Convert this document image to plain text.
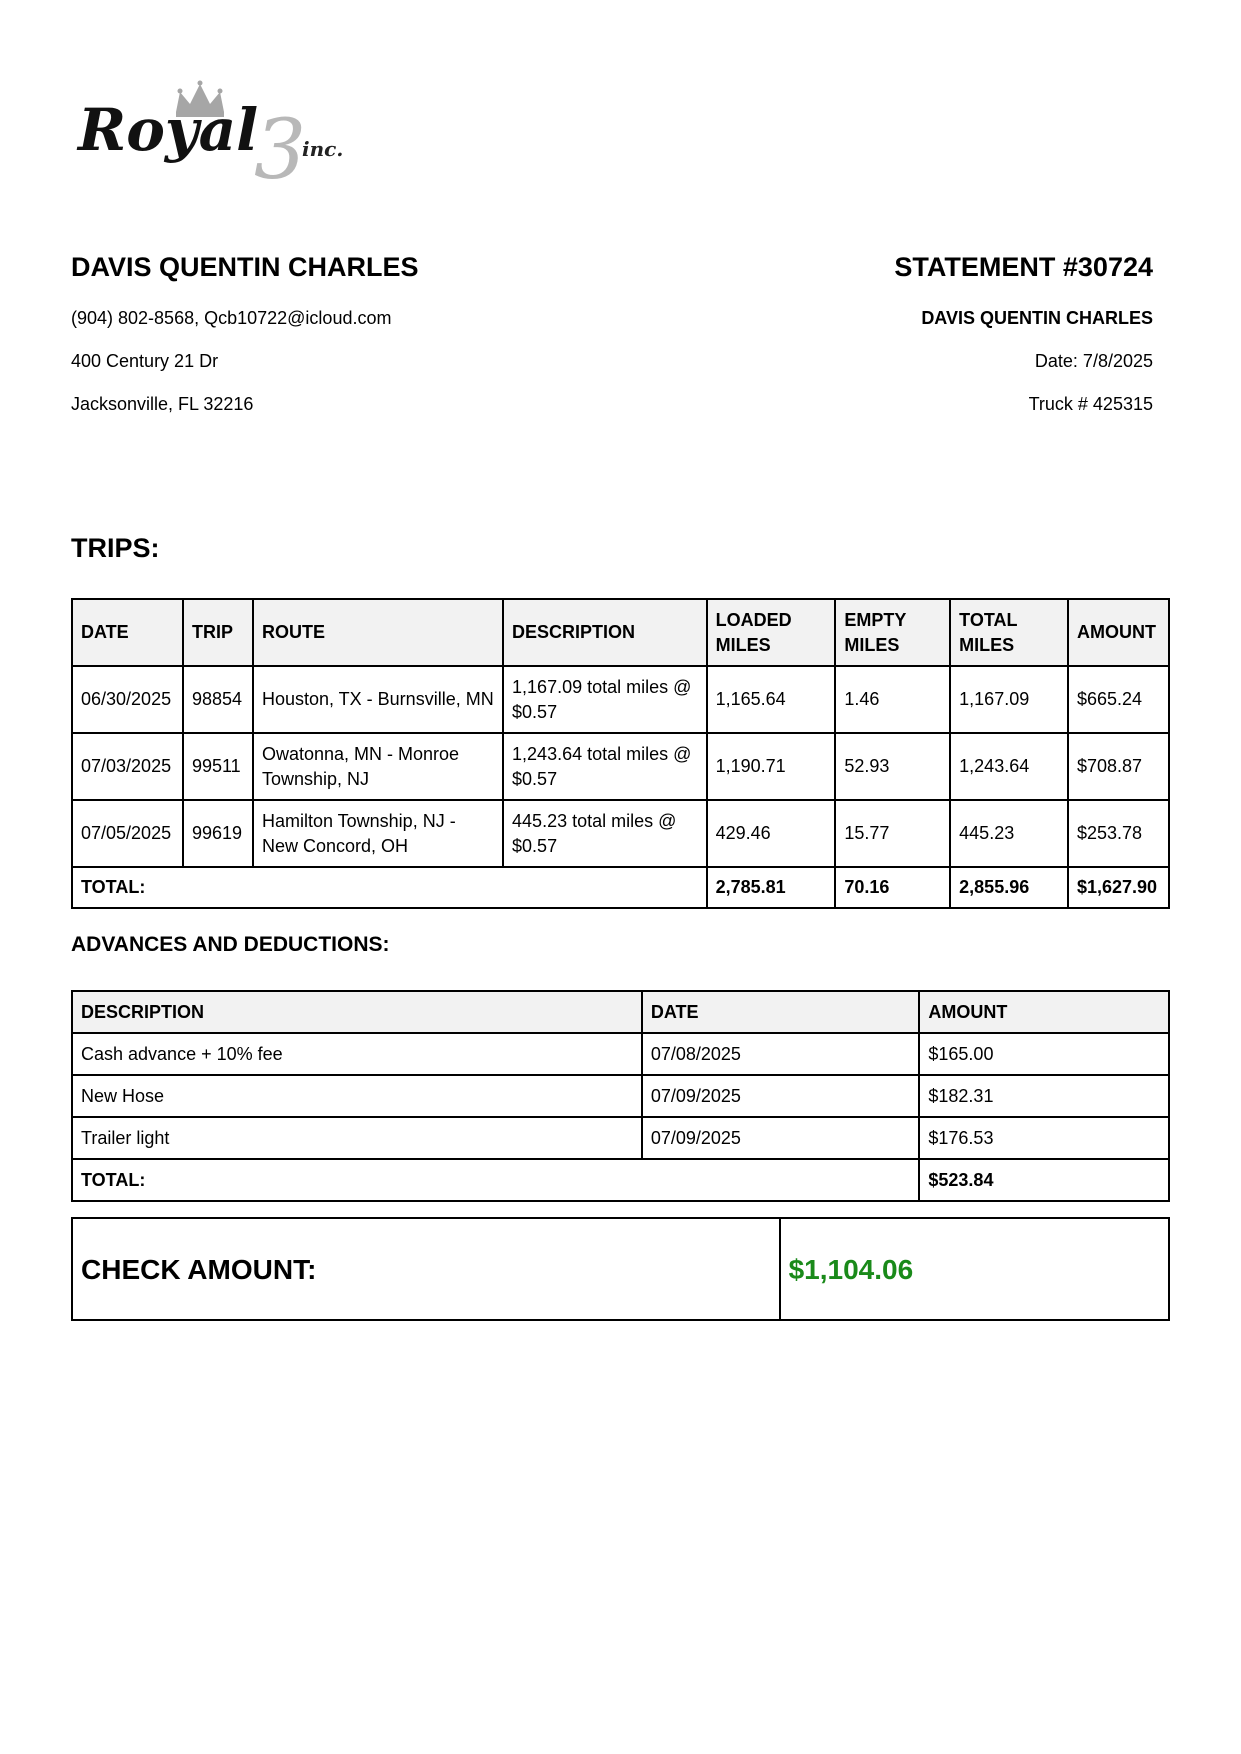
3
Royal inc.
DAVIS QUENTIN CHARLES
(904) 802-8568, Qcb10722@icloud.com
400 Century 21 Dr
Jacksonville, FL 32216
STATEMENT #30724
DAVIS QUENTIN CHARLES
Date: 7/8/2025
Truck # 425315
TRIPS:
DATE	TRIP	ROUTE	DESCRIPTION	LOADED MILES	EMPTY MILES	TOTAL MILES	AMOUNT
06/30/2025	98854	Houston, TX - Burnsville, MN	1,167.09 total miles @ $0.57	1,165.64	1.46	1,167.09	$665.24
07/03/2025	99511	Owatonna, MN - Monroe Township, NJ	1,243.64 total miles @ $0.57	1,190.71	52.93	1,243.64	$708.87
07/05/2025	99619	Hamilton Township, NJ - New Concord, OH	445.23 total miles @ $0.57	429.46	15.77	445.23	$253.78
TOTAL:				2,785.81	70.16	2,855.96	$1,627.90
ADVANCES AND DEDUCTIONS:
DESCRIPTION	DATE	AMOUNT
Cash advance + 10% fee	07/08/2025	$165.00
New Hose	07/09/2025	$182.31
Trailer light	07/09/2025	$176.53
TOTAL:		$523.84
CHECK AMOUNT:	$1,104.06
